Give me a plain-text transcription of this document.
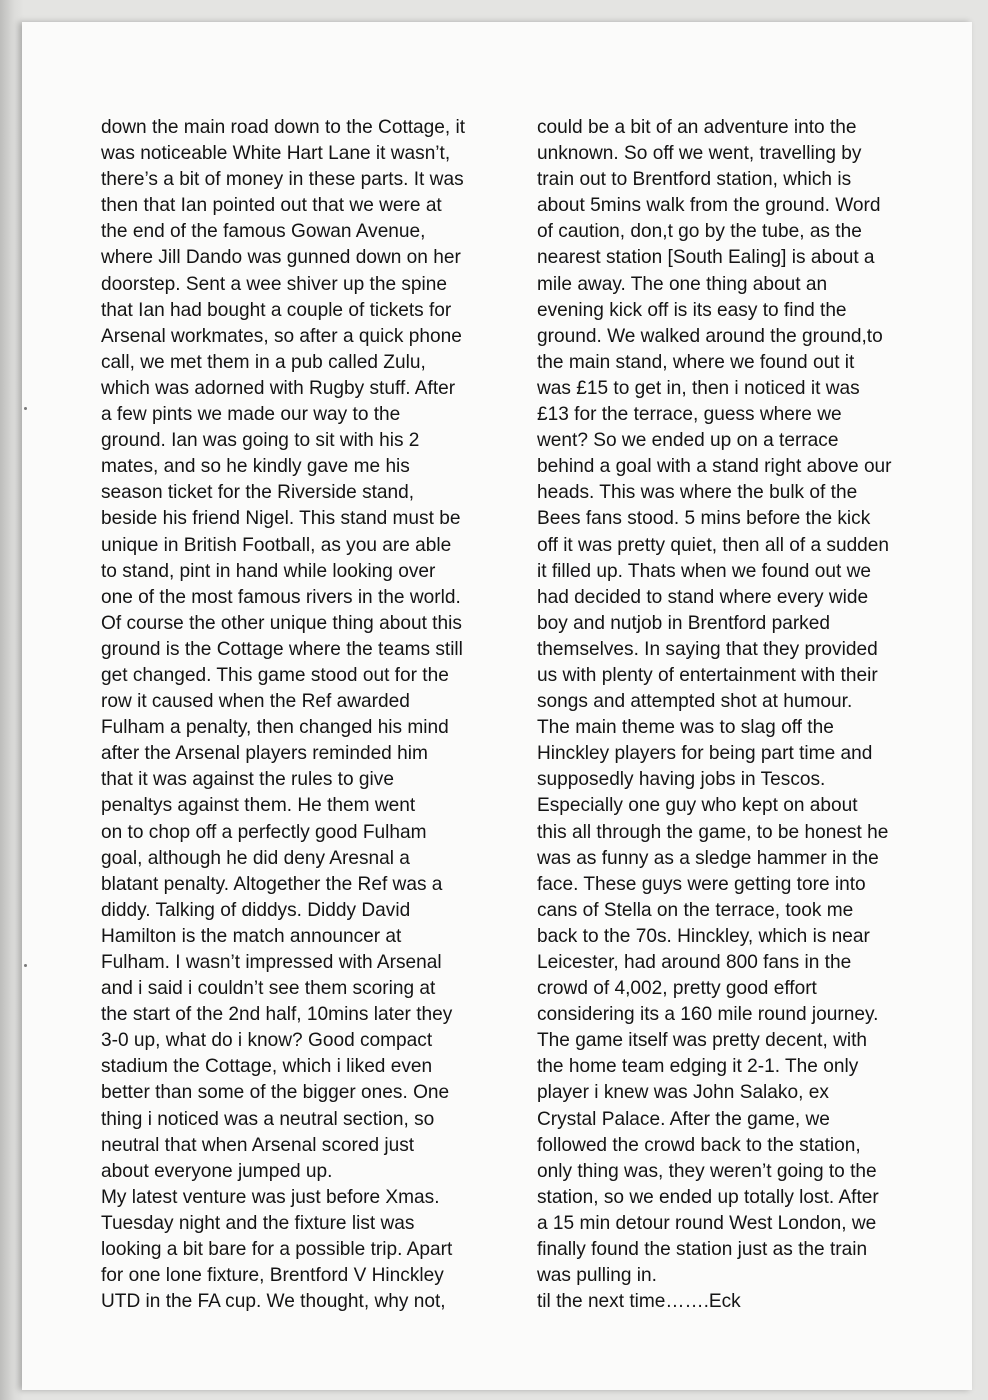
down the main road down to the Cottage, it
was noticeable White Hart Lane it wasn’t,
there’s a bit of money in these parts. It was
then that Ian pointed out that we were at
the end of the famous Gowan Avenue,
where Jill Dando was gunned down on her
doorstep. Sent a wee shiver up the spine
that Ian had bought a couple of tickets for
Arsenal workmates, so after a quick phone
call, we met them in a pub called Zulu,
which was adorned with Rugby stuff. After
a few pints we made our way to the
ground. Ian was going to sit with his 2
mates, and so he kindly gave me his
season ticket for the Riverside stand,
beside his friend Nigel. This stand must be
unique in British Football, as you are able
to stand, pint in hand while looking over
one of the most famous rivers in the world.
Of course the other unique thing about this
ground is the Cottage where the teams still
get changed. This game stood out for the
row it caused when the Ref awarded
Fulham a penalty, then changed his mind
after the Arsenal players reminded him
that it was against the rules to give
penaltys against them. He them went
on to chop off a perfectly good Fulham
goal, although he did deny Aresnal a
blatant penalty. Altogether the Ref was a
diddy. Talking of diddys. Diddy David
Hamilton is the match announcer at
Fulham. I wasn’t impressed with Arsenal
and i said i couldn’t see them scoring at
the start of the 2nd half, 10mins later they
3-0 up, what do i know? Good compact
stadium the Cottage, which i liked even
better than some of the bigger ones. One
thing i noticed was a neutral section, so
neutral that when Arsenal scored just
about everyone jumped up.
My latest venture was just before Xmas.
Tuesday night and the fixture list was
looking a bit bare for a possible trip. Apart
for one lone fixture, Brentford V Hinckley
UTD in the FA cup. We thought, why not,
could be a bit of an adventure into the
unknown. So off we went, travelling by
train out to Brentford station, which is
about 5mins walk from the ground. Word
of caution, don,t go by the tube, as the
nearest station [South Ealing] is about a
mile away. The one thing about an
evening kick off is its easy to find the
ground. We walked around the ground,to
the main stand, where we found out it
was £15 to get in, then i noticed it was
£13 for the terrace, guess where we
went? So we ended up on a terrace
behind a goal with a stand right above our
heads. This was where the bulk of the
Bees fans stood. 5 mins before the kick
off it was pretty quiet, then all of a sudden
it filled up. Thats when we found out we
had decided to stand where every wide
boy and nutjob in Brentford parked
themselves. In saying that they provided
us with plenty of entertainment with their
songs and attempted shot at humour.
The main theme was to slag off the
Hinckley players for being part time and
supposedly having jobs in Tescos.
Especially one guy who kept on about
this all through the game, to be honest he
was as funny as a sledge hammer in the
face. These guys were getting tore into
cans of Stella on the terrace, took me
back to the 70s. Hinckley, which is near
Leicester, had around 800 fans in the
crowd of 4,002, pretty good effort
considering its a 160 mile round journey.
The game itself was pretty decent, with
the home team edging it 2-1. The only
player i knew was John Salako, ex
Crystal Palace. After the game, we
followed the crowd back to the station,
only thing was, they weren’t going to the
station, so we ended up totally lost. After
a 15 min detour round West London, we
finally found the station just as the train
was pulling in.
til the next time…….Eck
